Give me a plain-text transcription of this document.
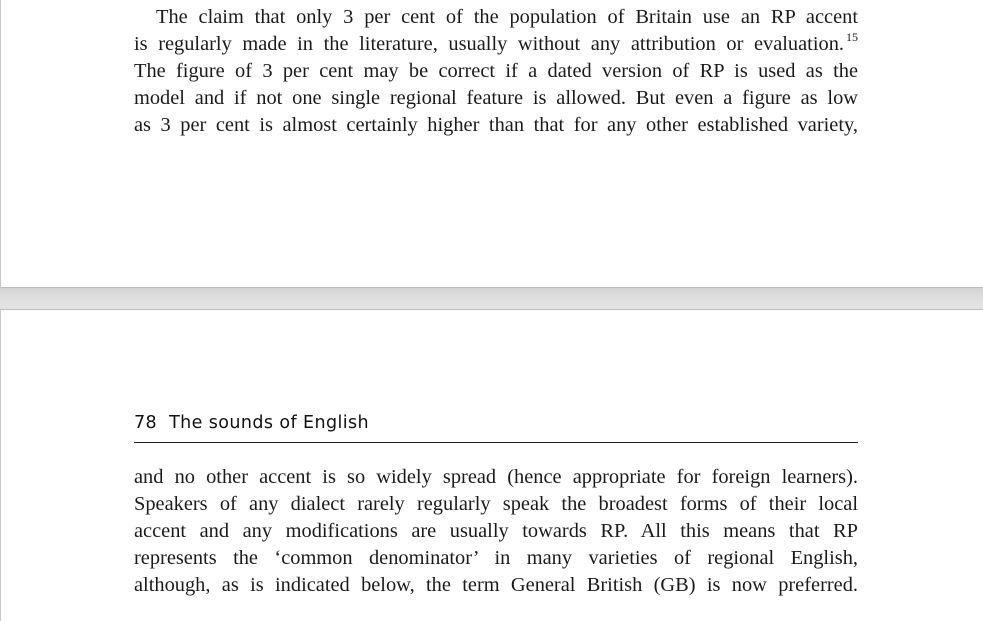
The claim that only 3 per cent of the population of Britain use an RP accent
is regularly made in the literature, usually without any attribution or evaluation. $^{15}$
The figure of 3 per cent may be correct if a dated version of RP is used as the
model and if not one single regional feature is allowed. But even a figure as low
as 3 per cent is almost certainly higher than that for any other established variety,

78 The sounds of English

and no other accent is so widely spread (hence appropriate for foreign learners).
Speakers of any dialect rarely regularly speak the broadest forms of their local
accent and any modifications are usually towards RP. All this means that RP
represents the ‘common denominator’ in many varieties of regional English,
although, as is indicated below, the term General British (GB) is now preferred.
